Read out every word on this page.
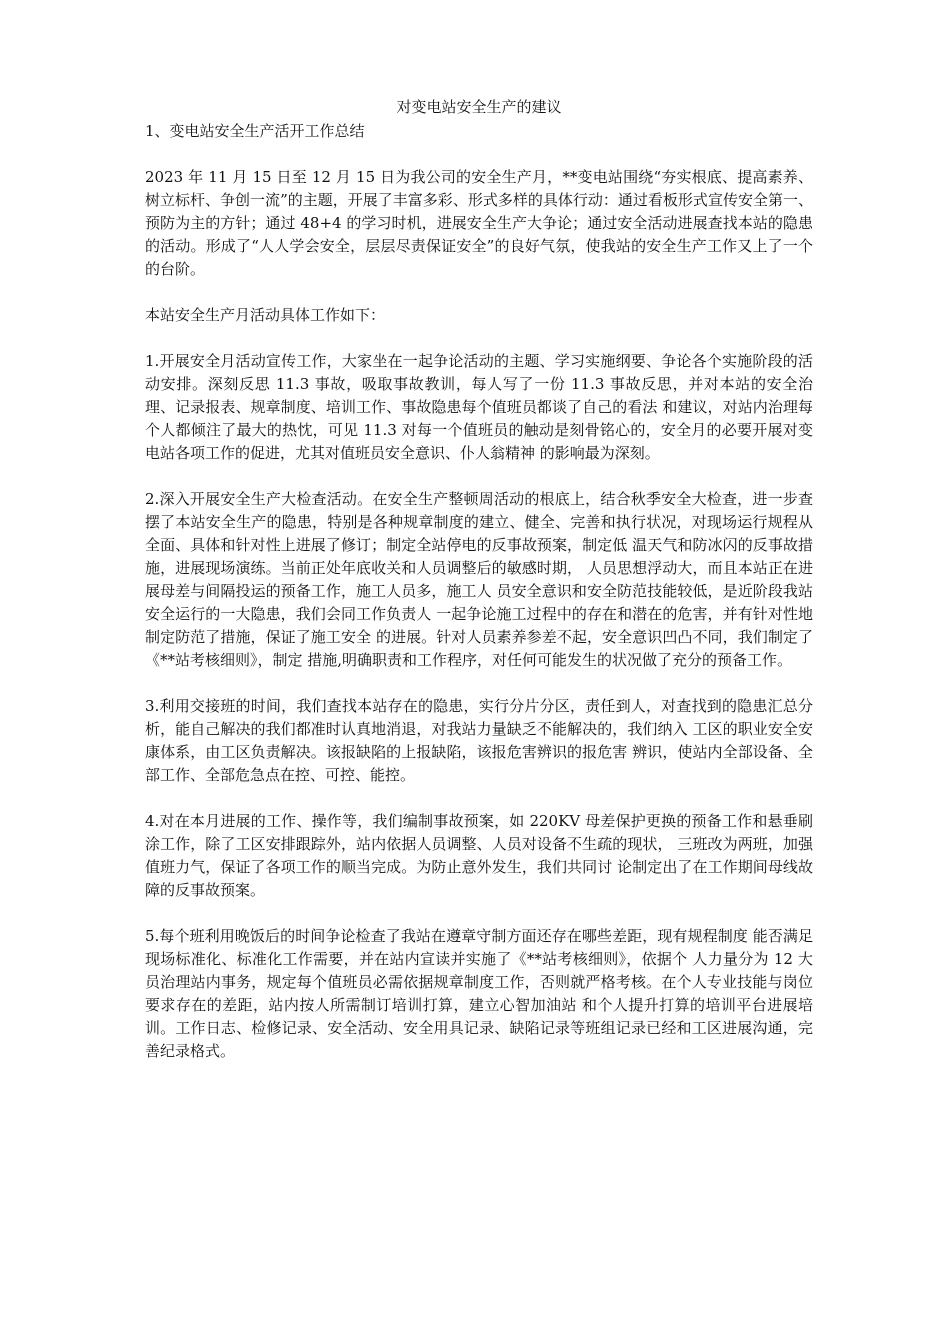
对变电站安全生产的建议
1、变电站安全生产活开工作总结

2023 年 11 月 15 日至 12 月 15 日为我公司的安全生产月，**变电站围绕“夯实根底、提高素养、树立标杆、争创一流”的主题，开展了丰富多彩、形式多样的具体行动：通过看板形式宣传安全第一、预防为主的方针；通过 48+4 的学习时机，进展安全生产大争论；通过安全活动进展查找本站的隐患的活动。形成了“人人学会安全，层层尽责保证安全”的良好气氛，使我站的安全生产工作又上了一个的台阶。

本站安全生产月活动具体工作如下：

1.开展安全月活动宣传工作，大家坐在一起争论活动的主题、学习实施纲要、争论各个实施阶段的活动安排。深刻反思 11.3 事故，吸取事故教训，每人写了一份 11.3 事故反思，并对本站的安全治理、记录报表、规章制度、培训工作、事故隐患每个值班员都谈了自己的看法 和建议，对站内治理每个人都倾注了最大的热忱，可见 11.3 对每一个值班员的触动是刻骨铭心的，安全月的必要开展对变电站各项工作的促进，尤其对值班员安全意识、仆人翁精神 的影响最为深刻。

2.深入开展安全生产大检查活动。在安全生产整顿周活动的根底上，结合秋季安全大检查，进一步查摆了本站安全生产的隐患，特别是各种规章制度的建立、健全、完善和执行状况，对现场运行规程从全面、具体和针对性上进展了修订；制定全站停电的反事故预案，制定低 温天气和防冰闪的反事故措施，进展现场演练。当前正处年底收关和人员调整后的敏感时期， 人员思想浮动大，而且本站正在进展母差与间隔投运的预备工作，施工人员多，施工人 员安全意识和安全防范技能较低，是近阶段我站安全运行的一大隐患，我们会同工作负责人 一起争论施工过程中的存在和潜在的危害，并有针对性地制定防范了措施，保证了施工安全 的进展。针对人员素养参差不起，安全意识凹凸不同，我们制定了《**站考核细则》，制定 措施,明确职责和工作程序，对任何可能发生的状况做了充分的预备工作。

3.利用交接班的时间，我们查找本站存在的隐患，实行分片分区，责任到人，对查找到的隐患汇总分析，能自己解决的我们都准时认真地消退，对我站力量缺乏不能解决的，我们纳入 工区的职业安全安康体系，由工区负责解决。该报缺陷的上报缺陷，该报危害辨识的报危害 辨识，使站内全部设备、全部工作、全部危急点在控、可控、能控。

4.对在本月进展的工作、操作等，我们编制事故预案，如 220KV 母差保护更换的预备工作和悬垂刷涂工作，除了工区安排跟踪外，站内依据人员调整、人员对设备不生疏的现状， 三班改为两班，加强值班力气，保证了各项工作的顺当完成。为防止意外发生，我们共同讨 论制定出了在工作期间母线故障的反事故预案。

5.每个班利用晚饭后的时间争论检查了我站在遵章守制方面还存在哪些差距，现有规程制度 能否满足现场标准化、标准化工作需要，并在站内宣读并实施了《**站考核细则》，依据个 人力量分为 12 大员治理站内事务，规定每个值班员必需依据规章制度工作，否则就严格考核。在个人专业技能与岗位要求存在的差距，站内按人所需制订培训打算，建立心智加油站 和个人提升打算的培训平台进展培训。工作日志、检修记录、安全活动、安全用具记录、缺陷记录等班组记录已经和工区进展沟通，完善纪录格式。
